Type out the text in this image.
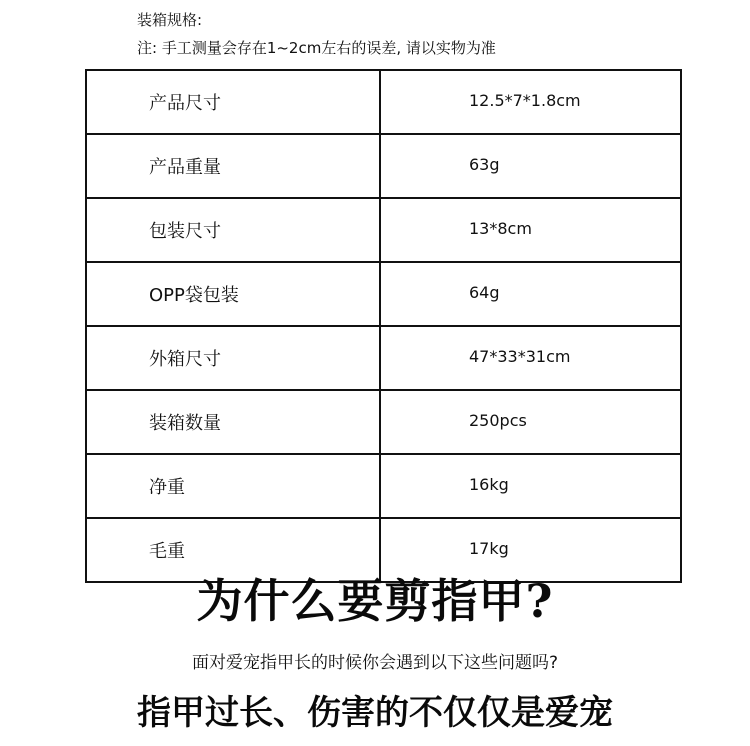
装箱规格:
注: 手工测量会存在1~2cm左右的误差, 请以实物为准
产品尺寸	12.5*7*1.8cm
产品重量	63g
包装尺寸	13*8cm
OPP袋包装	64g
外箱尺寸	47*33*31cm
装箱数量	250pcs
净重	16kg
毛重	17kg
为什么要剪指甲?
面对爱宠指甲长的时候你会遇到以下这些问题吗?
指甲过长、伤害的不仅仅是爱宠
